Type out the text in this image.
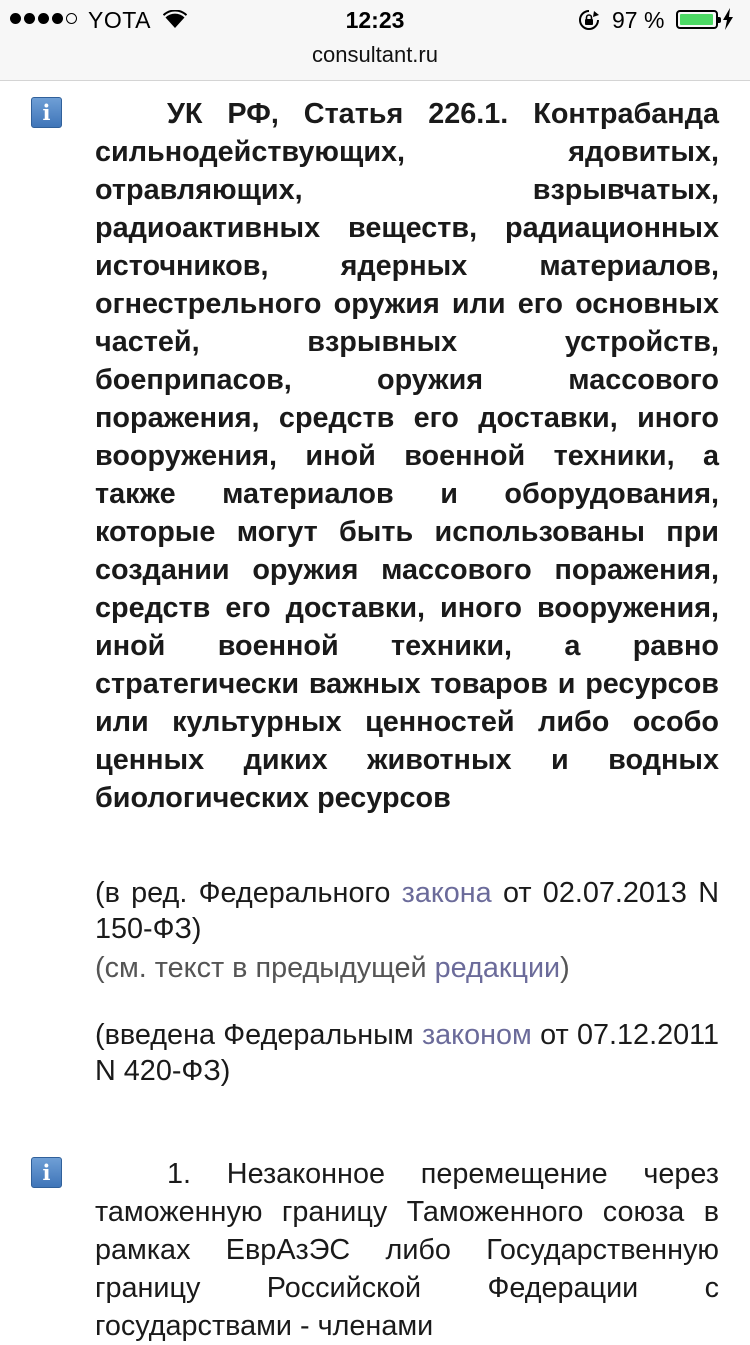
YOTA	12:23	97 %
consultant.ru
i	УК РФ, Статья 226.1. Контрабанда сильнодействующих, ядовитых, отравляющих, взрывчатых, радиоактивных веществ, радиационных источников, ядерных материалов, огнестрельного оружия или его основных частей, взрывных устройств, боеприпасов, оружия массового поражения, средств его доставки, иного вооружения, иной военной техники, а также материалов и оборудования, которые могут быть использованы при создании оружия массового поражения, средств его доставки, иного вооружения, иной военной техники, а равно стратегически важных товаров и ресурсов или культурных ценностей либо особо ценных диких животных и водных биологических ресурсов

(в ред. Федерального закона от 02.07.2013 N 150-ФЗ)

(см. текст в предыдущей редакции)

(введена Федеральным законом от 07.12.2011 N 420-ФЗ)

i	1. Незаконное перемещение через таможенную границу Таможенного союза в рамках ЕврАзЭС либо Государственную границу Российской Федерации с государствами - членами
